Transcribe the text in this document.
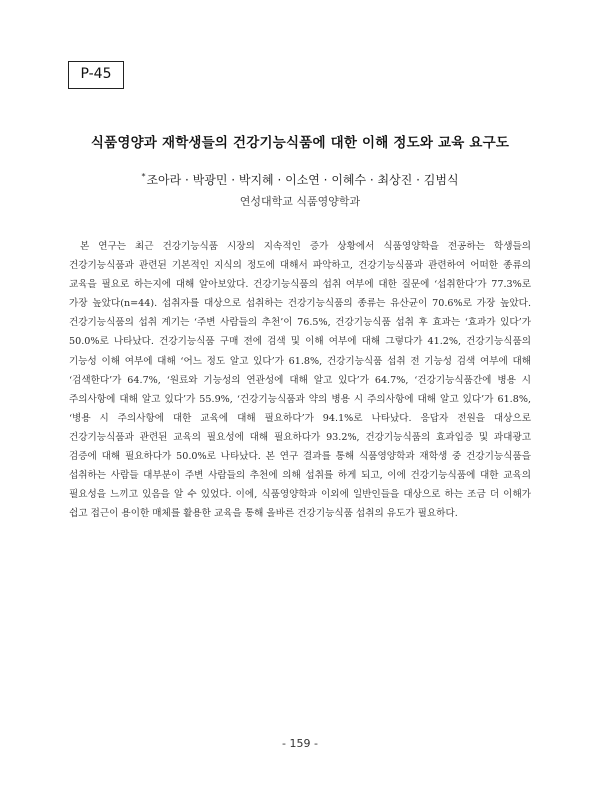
P-45
식품영양과 재학생들의 건강기능식품에 대한 이해 정도와 교육 요구도
*조아라 · 박광민 · 박지혜 · 이소연 · 이혜수 · 최상진 · 김범식
연성대학교 식품영양학과

본 연구는 최근 건강기능식품 시장의 지속적인 증가 상황에서 식품영양학을 전공하는 학생들의 건강기능식품과 관련된 기본적인 지식의 정도에 대해서 파악하고, 건강기능식품과 관련하여 어떠한 종류의 교육을 필요로 하는지에 대해 알아보았다. 건강기능식품의 섭취 여부에 대한 질문에 ‘섭취한다’가 77.3%로 가장 높았다(n=44). 섭취자를 대상으로 섭취하는 건강기능식품의 종류는 유산균이 70.6%로 가장 높았다. 건강기능식품의 섭취 계기는 ‘주변 사람들의 추천’이 76.5%, 건강기능식품 섭취 후 효과는 ‘효과가 있다’가 50.0%로 나타났다. 건강기능식품 구매 전에 검색 및 이해 여부에 대해 그렇다가 41.2%, 건강기능식품의 기능성 이해 여부에 대해 ‘어느 정도 알고 있다’가 61.8%, 건강기능식품 섭취 전 기능성 검색 여부에 대해 ‘검색한다’가 64.7%, ‘원료와 기능성의 연관성에 대해 알고 있다’가 64.7%, ‘건강기능식품간에 병용 시 주의사항에 대해 알고 있다’가 55.9%, ‘건강기능식품과 약의 병용 시 주의사항에 대해 알고 있다’가 61.8%, ‘병용 시 주의사항에 대한 교육에 대해 필요하다’가 94.1%로 나타났다. 응답자 전원을 대상으로 건강기능식품과 관련된 교육의 필요성에 대해 필요하다가 93.2%, 건강기능식품의 효과입증 및 과대광고 검증에 대해 필요하다가 50.0%로 나타났다. 본 연구 결과를 통해 식품영양학과 재학생 중 건강기능식품을 섭취하는 사람들 대부분이 주변 사람들의 추천에 의해 섭취를 하게 되고, 이에 건강기능식품에 대한 교육의 필요성을 느끼고 있음을 알 수 있었다. 이에, 식품영양학과 이외에 일반인들을 대상으로 하는 조금 더 이해가 쉽고 접근이 용이한 매체를 활용한 교육을 통해 올바른 건강기능식품 섭취의 유도가 필요하다.

- 159 -
